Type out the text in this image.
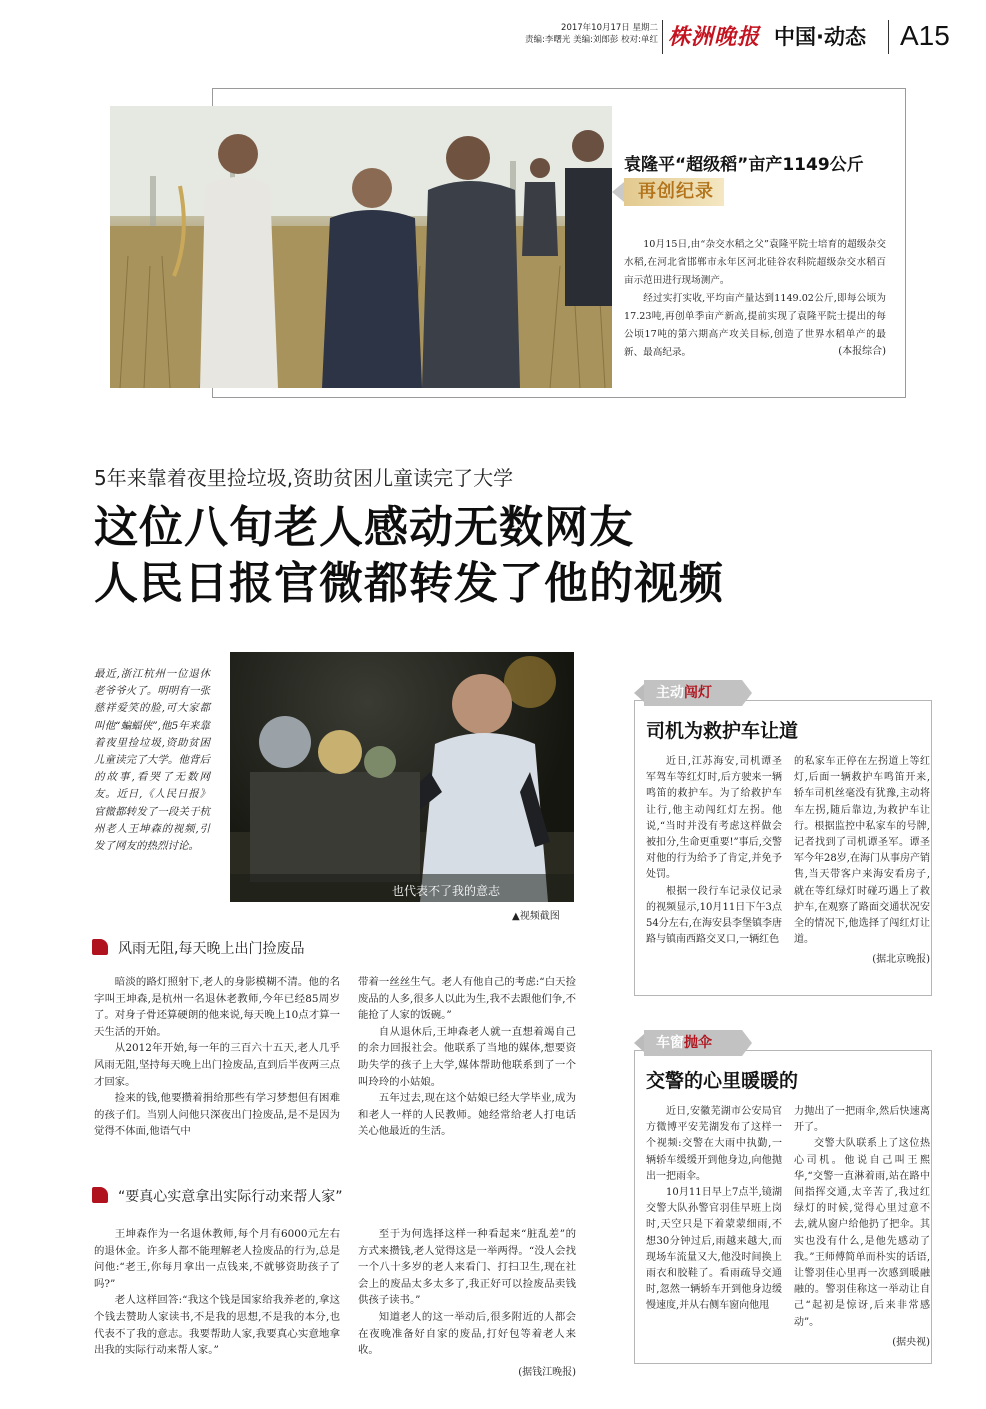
2017年10月17日 星期二
责编:李曙光 美编:刘郎彭 校对:单红 株洲晚报 中国·动态 A15
袁隆平“超级稻”亩产1149公斤
再创纪录

10月15日,由“杂交水稻之父”袁隆平院士培育的超级杂交水稻,在河北省邯郸市永年区河北硅谷农科院超级杂交水稻百亩示范田进行现场测产。

经过实打实收,平均亩产量达到1149.02公斤,即每公顷为17.23吨,再创单季亩产新高,提前实现了袁隆平院士提出的每公顷17吨的第六期高产攻关目标,创造了世界水稻单产的最新、最高纪录。	(本报综合)
5年来靠着夜里捡垃圾,资助贫困儿童读完了大学
这位八旬老人感动无数网友
人民日报官微都转发了他的视频
最近,浙江杭州一位退休老爷爷火了。明明有一张慈祥爱笑的脸,可大家都叫他“蝙蝠侠”,他5年来靠着夜里捡垃圾,资助贫困儿童读完了大学。他背后的故事,看哭了无数网友。近日,《人民日报》官微都转发了一段关于杭州老人王坤森的视频,引发了网友的热烈讨论。
也代表不了我的意志
▲视频截图
风雨无阻,每天晚上出门捡废品

暗淡的路灯照射下,老人的身影模糊不清。他的名字叫王坤森,是杭州一名退休老教师,今年已经85周岁了。对身子骨还算硬朗的他来说,每天晚上10点才算一天生活的开始。

从2012年开始,每一年的三百六十五天,老人几乎风雨无阻,坚持每天晚上出门捡废品,直到后半夜两三点才回家。

捡来的钱,他要攒着捐给那些有学习梦想但有困难的孩子们。当别人问他只深夜出门捡废品,是不是因为觉得不体面,他语气中

带着一丝丝生气。老人有他自己的考虑:“白天捡废品的人多,很多人以此为生,我不去跟他们争,不能抢了人家的饭碗。”

自从退休后,王坤森老人就一直想着竭自己的余力回报社会。他联系了当地的媒体,想要资助失学的孩子上大学,媒体帮助他联系到了一个叫玲玲的小姑娘。

五年过去,现在这个姑娘已经大学毕业,成为和老人一样的人民教师。她经常给老人打电话关心他最近的生活。

“要真心实意拿出实际行动来帮人家”

王坤森作为一名退休教师,每个月有6000元左右的退休金。许多人都不能理解老人捡废品的行为,总是问他:“老王,你每月拿出一点钱来,不就够资助孩子了吗?”

老人这样回答:“我这个钱是国家给我养老的,拿这个钱去赞助人家读书,不是我的思想,不是我的本分,也代表不了我的意志。我要帮助人家,我要真心实意地拿出我的实际行动来帮人家。”

至于为何选择这样一种看起来“脏乱差”的方式来攒钱,老人觉得这是一举两得。“没人会找一个八十多岁的老人来看门、打扫卫生,现在社会上的废品太多太多了,我正好可以捡废品卖钱供孩子读书。”

知道老人的这一举动后,很多附近的人都会在夜晚准备好自家的废品,打好包等着老人来收。

(据钱江晚报)
主动闯灯
司机为救护车让道

近日,江苏海安,司机谭圣军驾车等红灯时,后方驶来一辆鸣笛的救护车。为了给救护车让行,他主动闯红灯左拐。他说,“当时并没有考虑这样做会被扣分,生命更重要!”事后,交警对他的行为给予了肯定,并免予处罚。

根据一段行车记录仪记录的视频显示,10月11日下午3点54分左右,在海安县李堡镇李唐路与镇南西路交叉口,一辆红色

的私家车正停在左拐道上等红灯,后面一辆救护车鸣笛开来,轿车司机丝毫没有犹豫,主动将车左拐,随后靠边,为救护车让行。根据监控中私家车的号牌,记者找到了司机谭圣军。谭圣军今年28岁,在海门从事房产销售,当天带客户来海安看房子,就在等红绿灯时碰巧遇上了救护车,在观察了路面交通状况安全的情况下,他选择了闯红灯让道。

(据北京晚报)
车窗抛伞
交警的心里暖暖的

近日,安徽芜湖市公安局官方微博平安芜湖发布了这样一个视频:交警在大雨中执勤,一辆轿车缓缓开到他身边,向他抛出一把雨伞。

10月11日早上7点半,镜湖交警大队孙警官羽佳早班上岗时,天空只是下着蒙蒙细雨,不想30分钟过后,雨越来越大,而现场车流量又大,他没时间换上雨衣和胶鞋了。看雨疏导交通时,忽然一辆轿车开到他身边缓慢速度,并从右侧车窗向他甩

力抛出了一把雨伞,然后快速离开了。

交警大队联系上了这位热心司机。他说自己叫王熙华,“交警一直淋着雨,站在路中间指挥交通,太辛苦了,我过红绿灯的时候,觉得心里过意不去,就从窗户给他扔了把伞。其实也没有什么,是他先感动了我。”王师傅简单而朴实的话语,让警羽佳心里再一次感到暖融融的。警羽佳称这一举动让自己“起初是惊讶,后来非常感动”。

(据央视)
